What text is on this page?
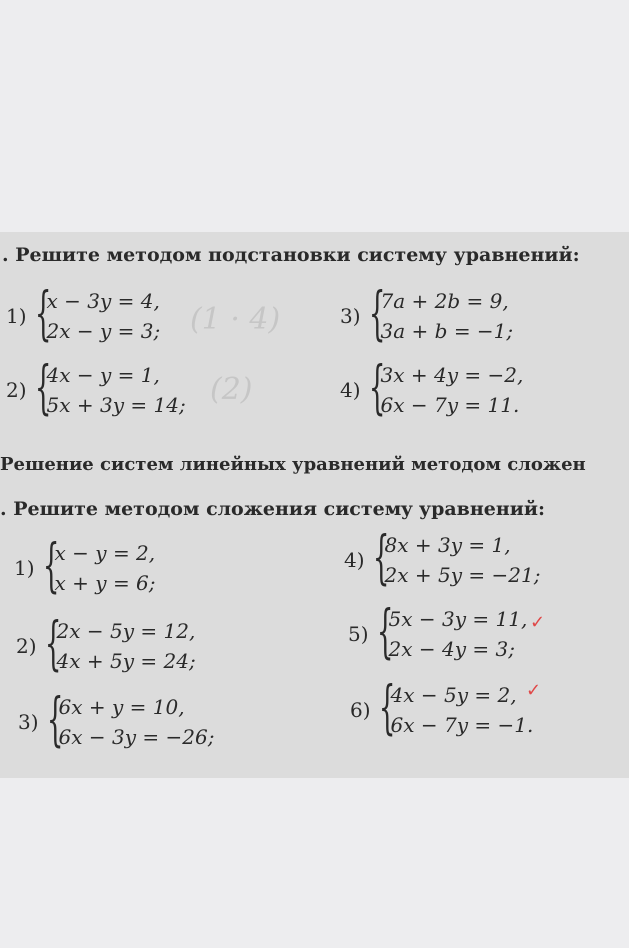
. Решите методом подстановки систему уравнений:
1) {
x − 3y = 4,
2x − y = 3;
2) {
4x − y = 1,
5x + 3y = 14;
3) {
7a + 2b = 9,
3a + b = −1;
4) {
3x + 4y = −2,
6x − 7y = 11.
(1 · 4)
(2)
Решение систем линейных уравнений методом сложен
. Решите методом сложения системy уравнений:
1) {
x − y = 2,
x + y = 6;
2) {
2x − 5y = 12,
4x + 5y = 24;
3) {
6x + y = 10,
6x − 3y = −26;
4) {
8x + 3y = 1,
2x + 5y = −21;
5) {
5x − 3y = 11,
2x − 4y = 3;
6) {
4x − 5y = 2,
6x − 7y = −1.
✓
✓
